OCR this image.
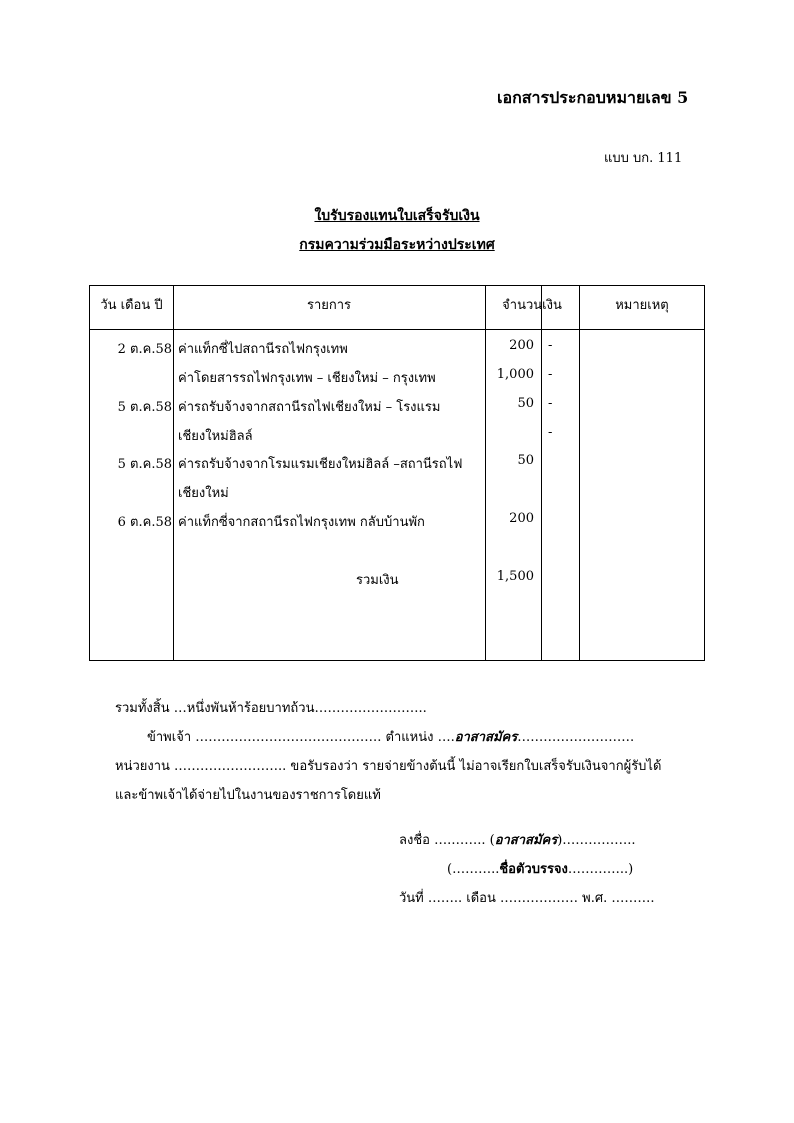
เอกสารประกอบหมายเลข 5
แบบ บก. 111
ใบรับรองแทนใบเสร็จรับเงิน
กรมความร่วมมือระหว่างประเทศ
วัน เดือน ปี	รายการ	จำนวนเงิน	หมายเหตุ
2 ต.ค.58 ค่าแท็กซี่ไปสถานีรถไฟกรุงเทพ	200 -
ค่าโดยสารรถไฟกรุงเทพ – เชียงใหม่ – กรุงเทพ	1,000 -
5 ต.ค.58 ค่ารถรับจ้างจากสถานีรถไฟเชียงใหม่ – โรงแรม	50 -
เชียงใหม่ฮิลล์	-
5 ต.ค.58 ค่ารถรับจ้างจากโรมแรมเชียงใหม่ฮิลล์ –สถานีรถไฟ	50
เชียงใหม่
6 ต.ค.58 ค่าแท็กซี่จากสถานีรถไฟกรุงเทพ กลับบ้านพัก	200
รวมเงิน	1,500
รวมทั้งสิ้น …หนึ่งพันห้าร้อยบาทถ้วน……………………..
ข้าพเจ้า ……………………………………. ตำแหน่ง ….อาสาสมัคร………………………
หน่วยงาน …………………….. ขอรับรองว่า รายจ่ายข้างต้นนี้ ไม่อาจเรียกใบเสร็จรับเงินจากผู้รับได้
และข้าพเจ้าได้จ่ายไปในงานของราชการโดยแท้
ลงชื่อ ….…….. (อาสาสมัคร)……………..
(………..ชื่อตัวบรรจง…………..)
วันที่ …….. เดือน ……………… พ.ศ. ……….
